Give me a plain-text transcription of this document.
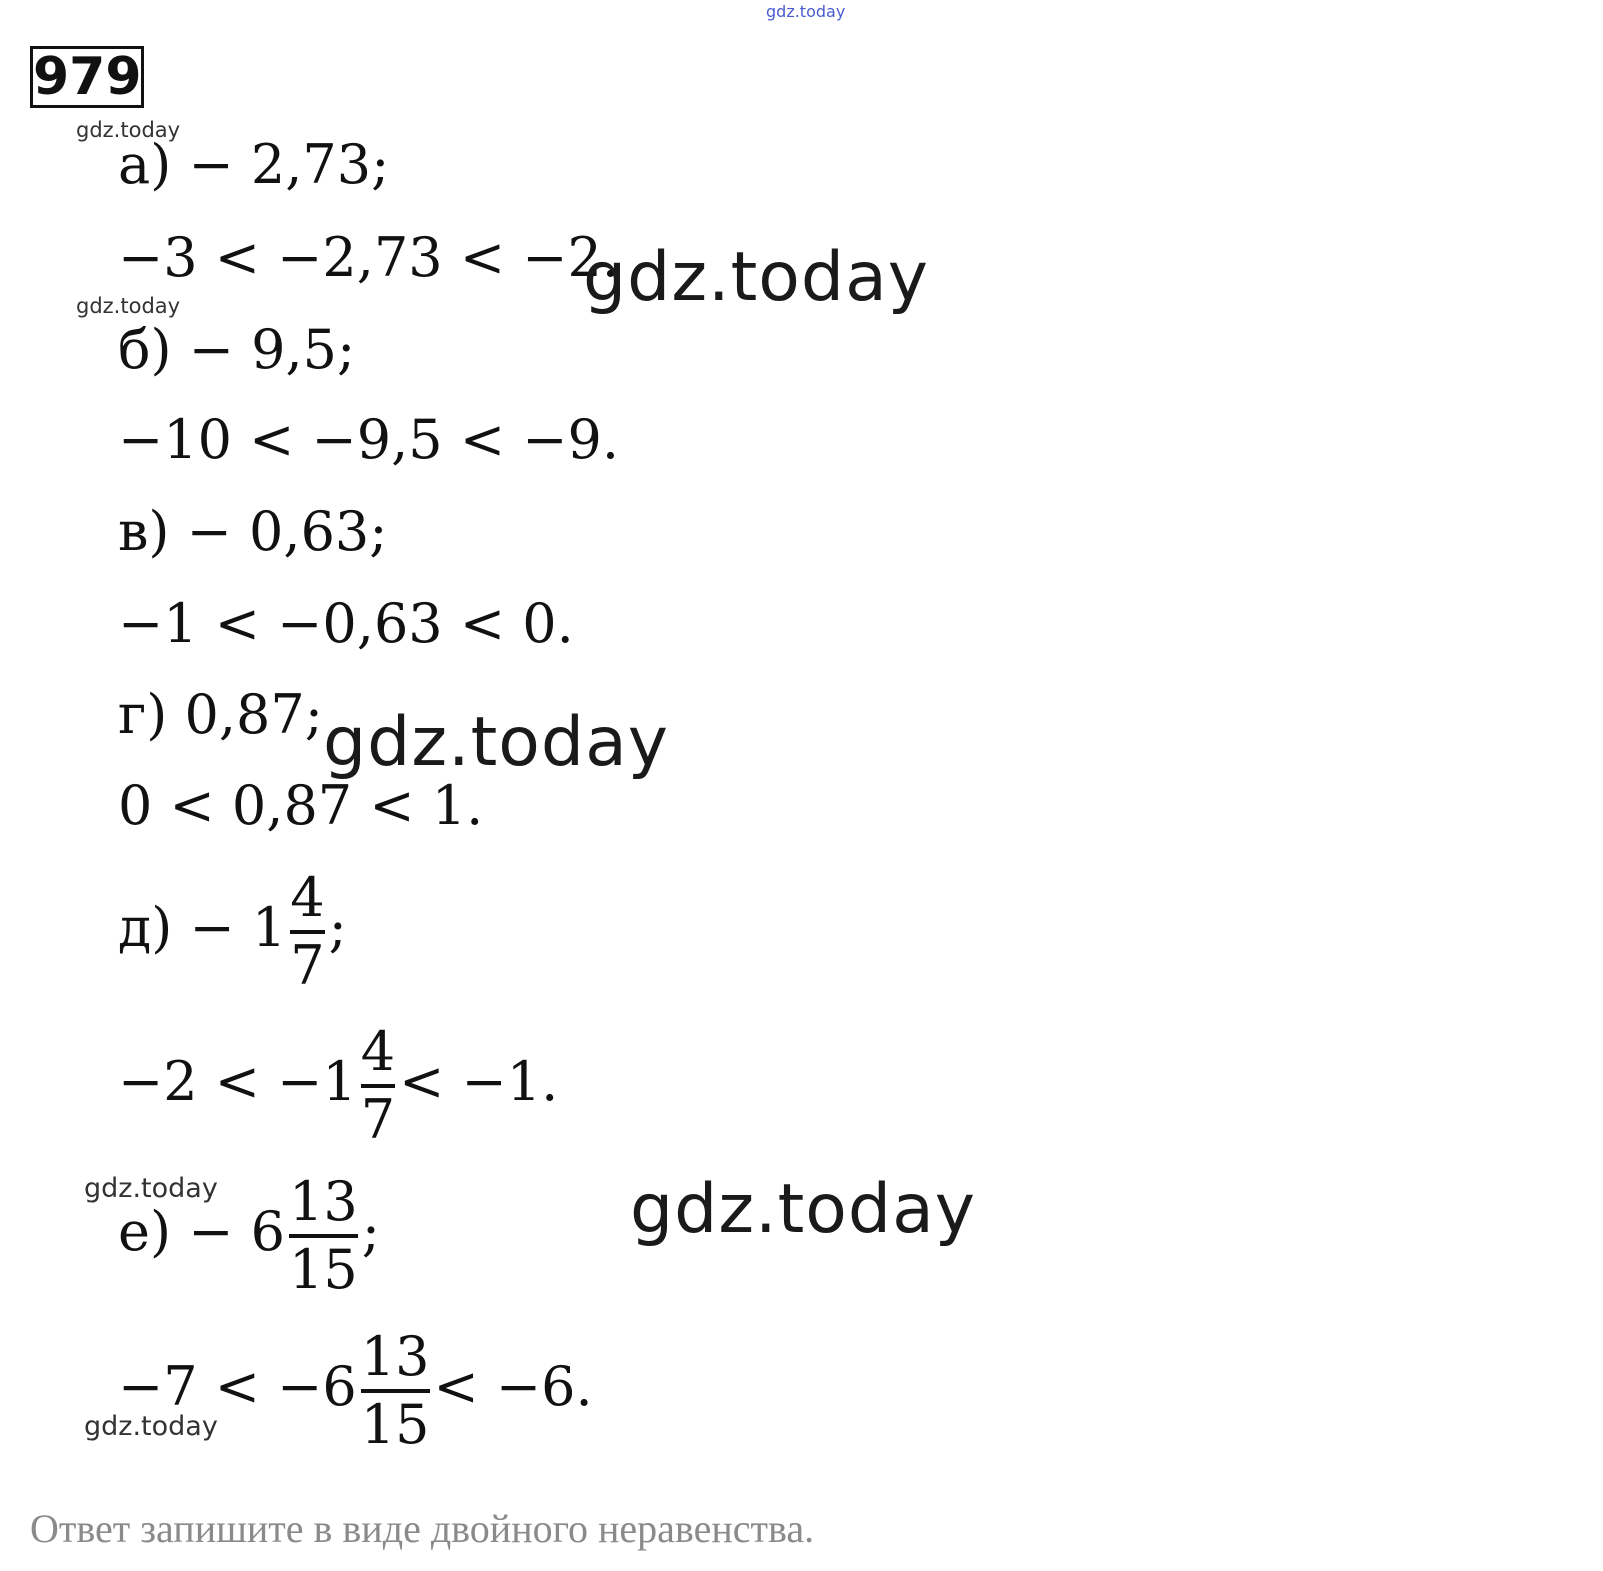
gdz.today
979
gdz.today
gdz.today
gdz.today
gdz.today
а) − 2,73;
−3 < −2,73 < −2.
б) − 9,5;
−10 < −9,5 < −9.
в) − 0,63;
−1 < −0,63 < 0.
г) 0,87;
0 < 0,87 < 1.
$д) - 1 \frac{4}{7}$ ;
$-2 < -1 \frac{4}{7} < -1$.
$е) - 6 \frac{13}{15}$ ;
$-7 < -6 \frac{13}{15} < -6$.
gdz.today
gdz.today
gdz.today
Ответ запишите в виде двойного неравенства.
